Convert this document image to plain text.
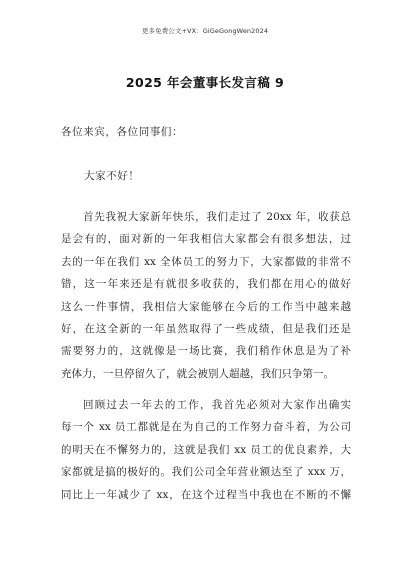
更多免费公文+VX：GiGeGongWen2024
2025 年会董事长发言稿 9
各位来宾，各位同事们：
大家不好！
首先我祝大家新年快乐，我们走过了 20xx 年，收获总
是会有的，面对新的一年我相信大家都会有很多想法，过
去的一年在我们 xx 全体员工的努力下，大家都做的非常不
错，这一年来还是有就很多收获的，我们都在用心的做好
这么一件事情，我相信大家能够在今后的工作当中越来越
好，在这全新的一年虽然取得了一些成绩，但是我们还是
需要努力的，这就像是一场比赛，我们稍作休息是为了补
充体力，一旦停留久了，就会被别人超越，我们只争第一。
回顾过去一年去的工作，我首先必须对大家作出确实
每一个 xx 员工都就是在为自己的工作努力奋斗着，为公司
的明天在不懈努力的，这就是我们 xx 员工的优良素养，大
家都就是搞的极好的。我们公司全年营业额达至了 xxx 万，
同比上一年减少了 xx，在这个过程当中我也在不断的不懈
